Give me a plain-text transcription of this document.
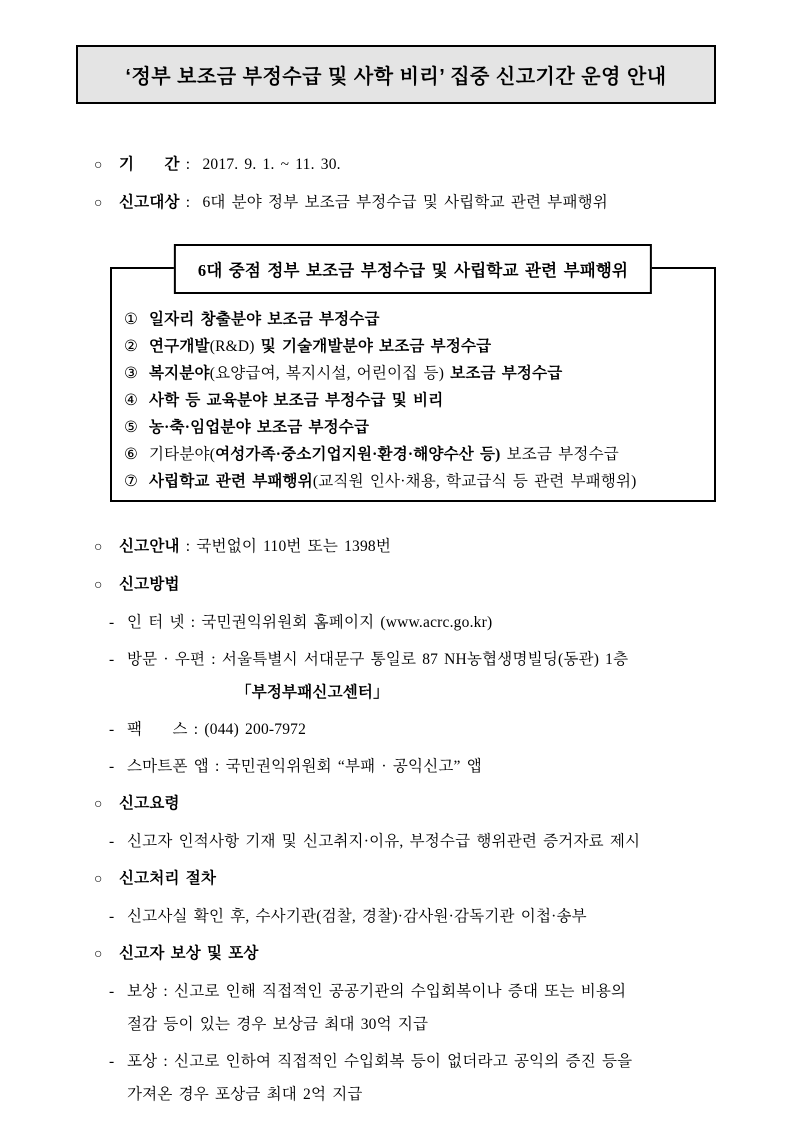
‘정부 보조금 부정수급 및 사학 비리’ 집중 신고기간 운영 안내
○	기     간 : 2017. 9. 1. ~ 11. 30.
○	신고대상 : 6대 분야 정부 보조금 부정수급 및 사립학교 관련 부패행위
6대 중점 정부 보조금 부정수급 및 사립학교 관련 부패행위
① 일자리 창출분야 보조금 부정수급
② 연구개발(R&D) 및 기술개발분야 보조금 부정수급
③ 복지분야(요양급여, 복지시설, 어린이집 등) 보조금 부정수급
④ 사학 등 교육분야 보조금 부정수급 및 비리
⑤ 농·축·임업분야 보조금 부정수급
⑥ 기타분야(여성가족·중소기업지원·환경·해양수산 등) 보조금 부정수급
⑦ 사립학교 관련 부패행위(교직원 인사·채용, 학교급식 등 관련 부패행위)
○	신고안내 : 국번없이 110번 또는 1398번
○	신고방법
- 인 터 넷 : 국민권익위원회 홈페이지 (www.acrc.go.kr)
- 방문 · 우편 : 서울특별시 서대문구 통일로 87 NH농협생명빌딩(동관) 1층
「부정부패신고센터」
- 팩     스 : (044) 200-7972
- 스마트폰 앱 : 국민권익위원회 “부패 · 공익신고” 앱
○	신고요령
- 신고자 인적사항 기재 및 신고취지·이유, 부정수급 행위관련 증거자료 제시
○	신고처리 절차
- 신고사실 확인 후, 수사기관(검찰, 경찰)·감사원·감독기관 이첩·송부
○	신고자 보상 및 포상
- 보상 : 신고로 인해 직접적인 공공기관의 수입회복이나 증대 또는 비용의
절감 등이 있는 경우 보상금 최대 30억 지급
- 포상 : 신고로 인하여 직접적인 수입회복 등이 없더라고 공익의 증진 등을
가져온 경우 포상금 최대 2억 지급
